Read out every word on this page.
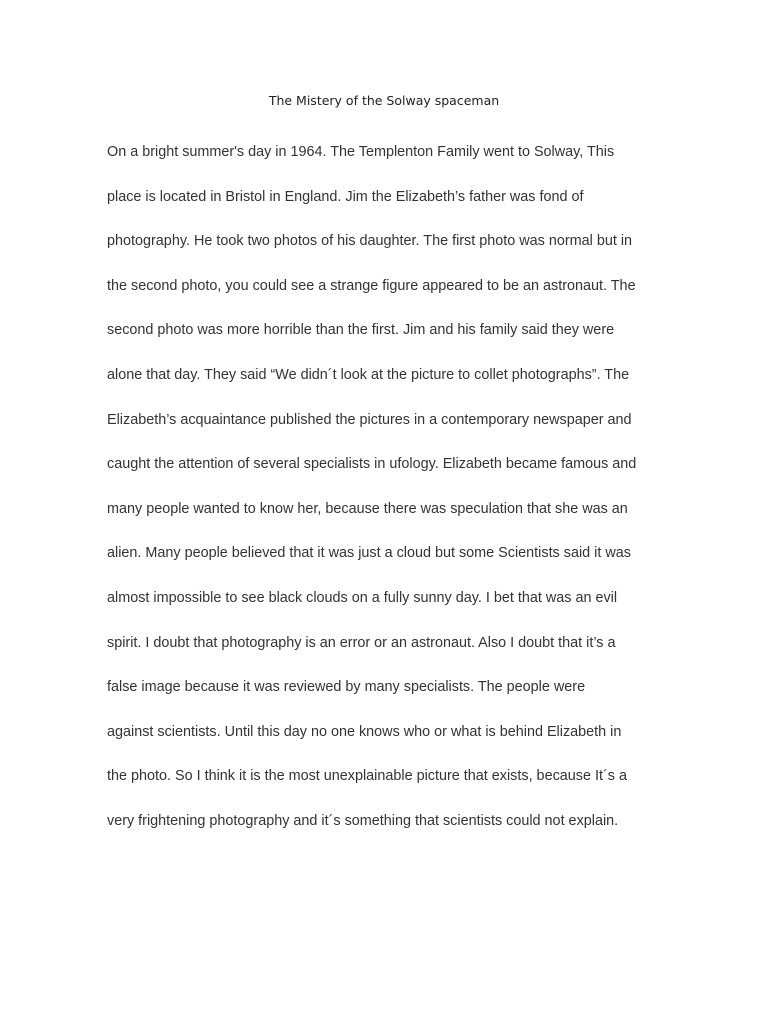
The Mistery of the Solway spaceman
On a bright summer's day in 1964. The Templenton Family went to Solway, This
place is located in Bristol in England. Jim the Elizabeth’s father was fond of
photography. He took two photos of his daughter. The first photo was normal but in
the second photo, you could see a strange figure appeared to be an astronaut. The
second photo was more horrible than the first. Jim and his family said they were
alone that day. They said “We didn´t look at the picture to collet photographs”. The
Elizabeth’s acquaintance published the pictures in a contemporary newspaper and
caught the attention of several specialists in ufology. Elizabeth became famous and
many people wanted to know her, because there was speculation that she was an
alien. Many people believed that it was just a cloud but some Scientists said it was
almost impossible to see black clouds on a fully sunny day. I bet that was an evil
spirit. I doubt that photography is an error or an astronaut. Also I doubt that it’s a
false image because it was reviewed by many specialists. The people were
against scientists. Until this day no one knows who or what is behind Elizabeth in
the photo. So I think it is the most unexplainable picture that exists, because It´s a
very frightening photography and it´s something that scientists could not explain.
